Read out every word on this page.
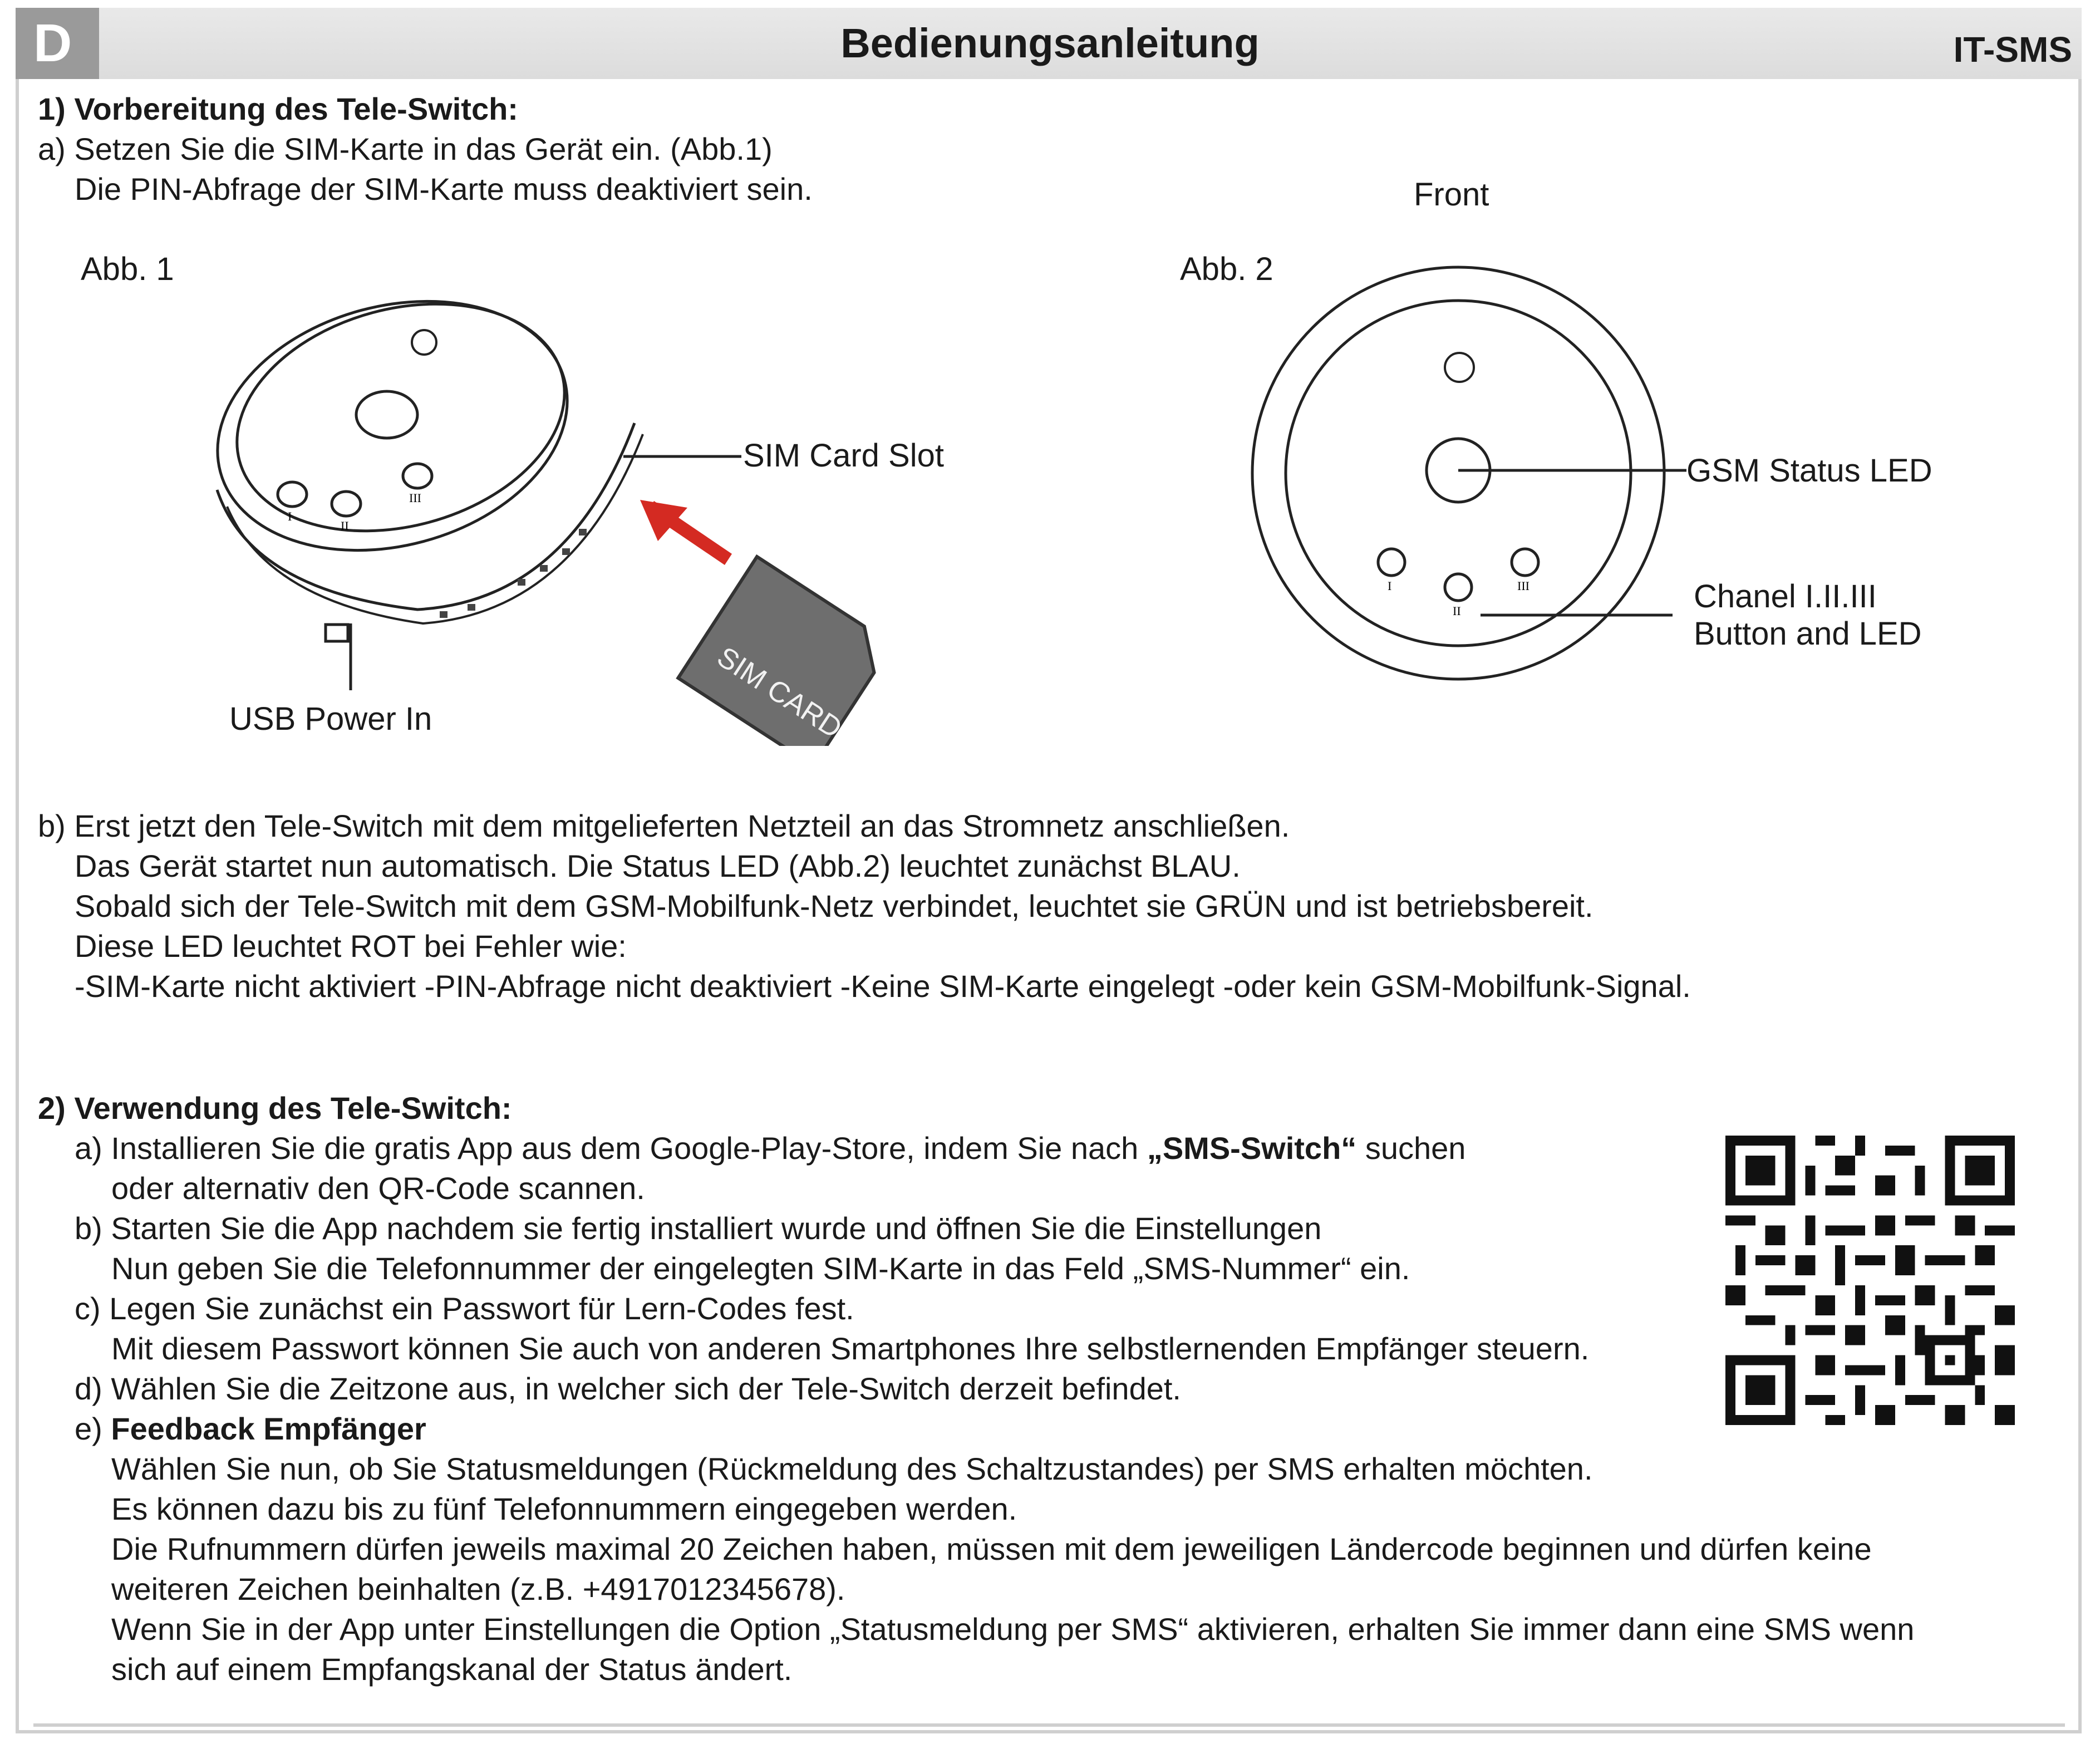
D	Bedienungsanleitung	IT-SMS
1) Vorbereitung des Tele-Switch:
a) Setzen Sie die SIM-Karte in das Gerät ein. (Abb.1)
Die PIN-Abfrage der SIM-Karte muss deaktiviert sein.
Abb. 1
SIM Card Slot
USB Power In
I
II
III
SIM CARD
Abb. 2
Front
GSM Status LED
Chanel I.II.III
Button and LED
I
II
III
b) Erst jetzt den Tele-Switch mit dem mitgelieferten Netzteil an das Stromnetz anschließen.
Das Gerät startet nun automatisch. Die Status LED (Abb.2) leuchtet zunächst BLAU.
Sobald sich der Tele-Switch mit dem GSM-Mobilfunk-Netz verbindet, leuchtet sie GRÜN und ist betriebsbereit.
Diese LED leuchtet ROT bei Fehler wie:
-SIM-Karte nicht aktiviert -PIN-Abfrage nicht deaktiviert -Keine SIM-Karte eingelegt -oder kein GSM-Mobilfunk-Signal.
2) Verwendung des Tele-Switch:
a) Installieren Sie die gratis App aus dem Google-Play-Store, indem Sie nach „SMS-Switch“ suchen
oder alternativ den QR-Code scannen.
b) Starten Sie die App nachdem sie fertig installiert wurde und öffnen Sie die Einstellungen
Nun geben Sie die Telefonnummer der eingelegten SIM-Karte in das Feld „SMS-Nummer“ ein.
c) Legen Sie zunächst ein Passwort für Lern-Codes fest.
Mit diesem Passwort können Sie auch von anderen Smartphones Ihre selbstlernenden Empfänger steuern.
d) Wählen Sie die Zeitzone aus, in welcher sich der Tele-Switch derzeit befindet.
e) Feedback Empfänger
Wählen Sie nun, ob Sie Statusmeldungen (Rückmeldung des Schaltzustandes) per SMS erhalten möchten.
Es können dazu bis zu fünf Telefonnummern eingegeben werden.
Die Rufnummern dürfen jeweils maximal 20 Zeichen haben, müssen mit dem jeweiligen Ländercode beginnen und dürfen keine
weiteren Zeichen beinhalten (z.B. +4917012345678).
Wenn Sie in der App unter Einstellungen die Option „Statusmeldung per SMS“ aktivieren, erhalten Sie immer dann eine SMS wenn
sich auf einem Empfangskanal der Status ändert.
